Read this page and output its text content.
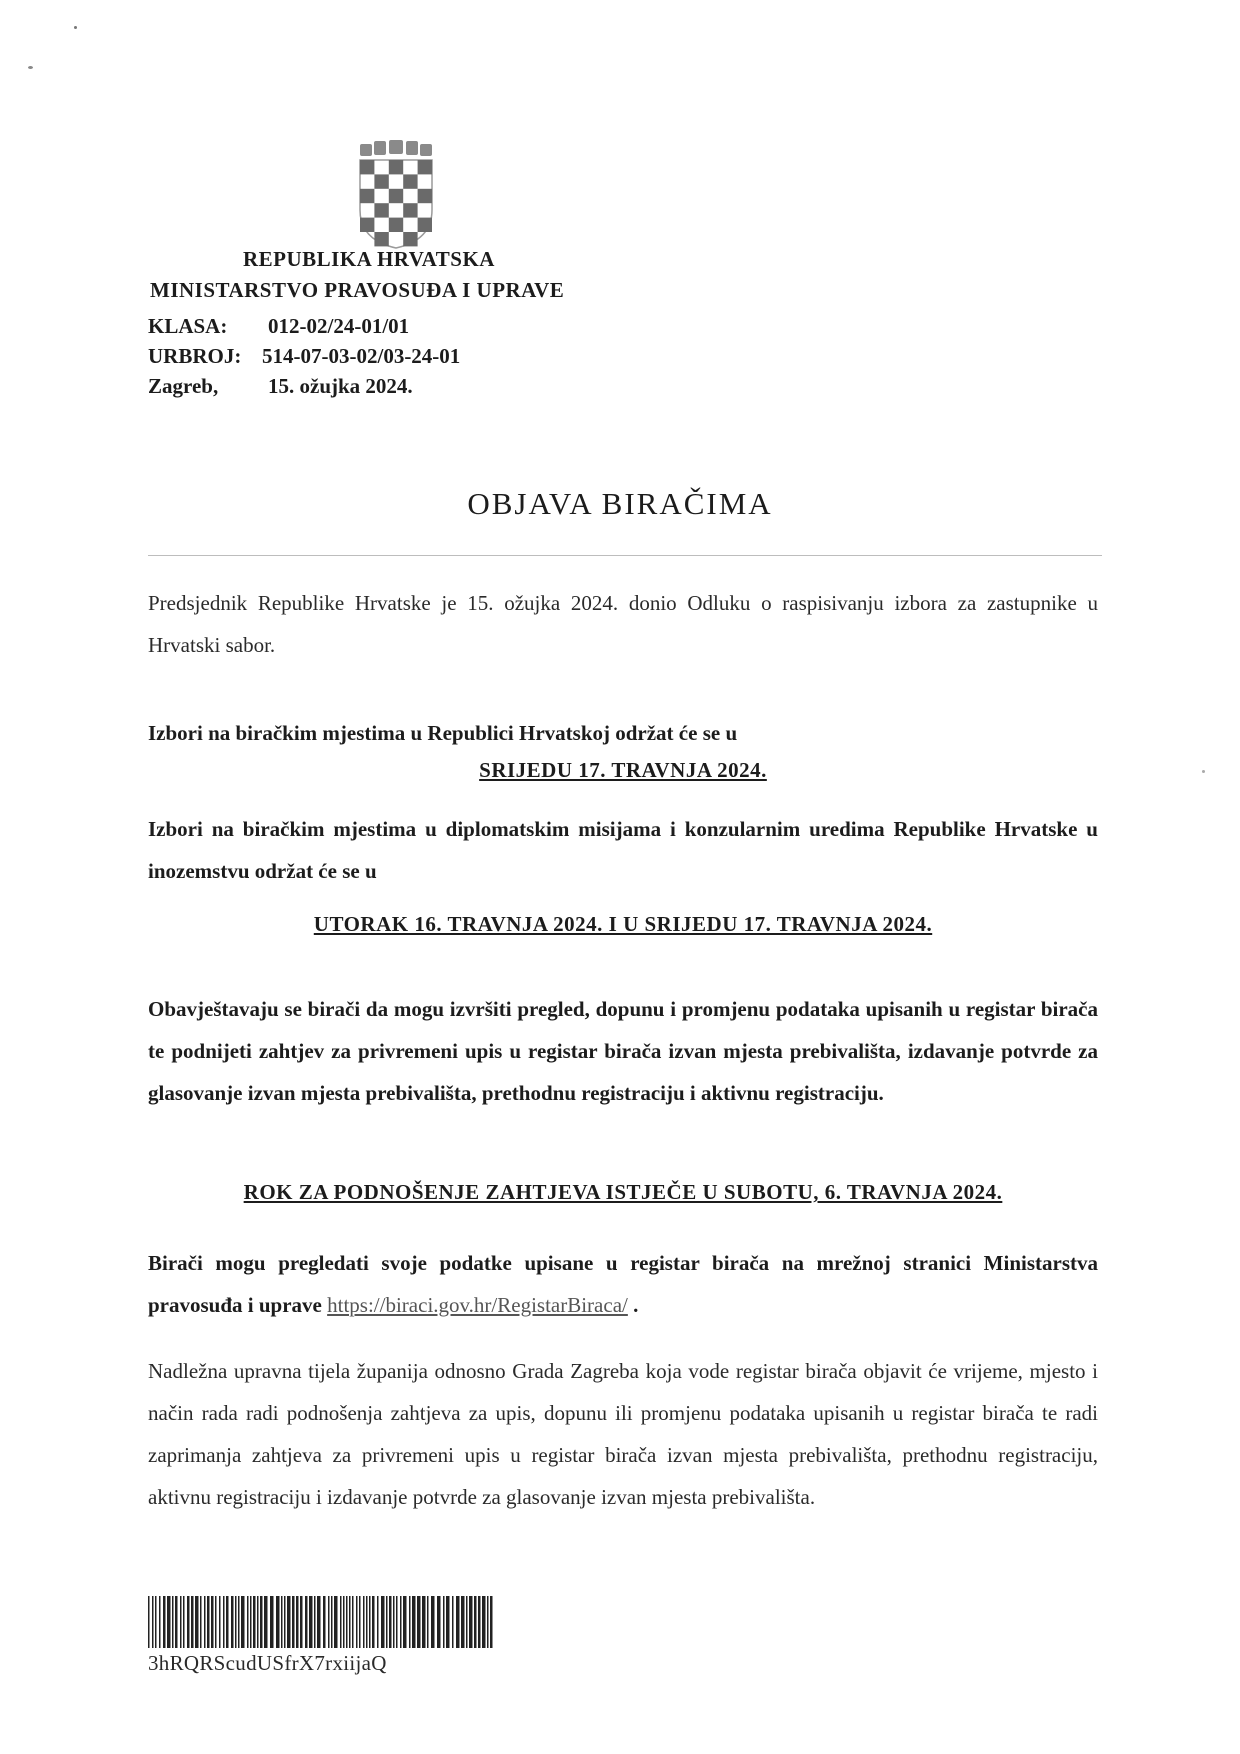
REPUBLIKA HRVATSKA
MINISTARSTVO PRAVOSUĐA I UPRAVE
KLASA: 012-02/24-01/01
URBROJ: 514-07-03-02/03-24-01
Zagreb, 15. ožujka 2024.
OBJAVA BIRAČIMA
Predsjednik Republike Hrvatske je 15. ožujka 2024. donio Odluku o raspisivanju izbora za zastupnike u Hrvatski sabor.
Izbori na biračkim mjestima u Republici Hrvatskoj održat će se u
SRIJEDU 17. TRAVNJA 2024.
Izbori na biračkim mjestima u diplomatskim misijama i konzularnim uredima Republike Hrvatske u inozemstvu održat će se u
UTORAK 16. TRAVNJA 2024. I U SRIJEDU 17. TRAVNJA 2024.
Obavještavaju se birači da mogu izvršiti pregled, dopunu i promjenu podataka upisanih u registar birača te podnijeti zahtjev za privremeni upis u registar birača izvan mjesta prebivališta, izdavanje potvrde za glasovanje izvan mjesta prebivališta, prethodnu registraciju i aktivnu registraciju.
ROK ZA PODNOŠENJE ZAHTJEVA ISTJEČE U SUBOTU, 6. TRAVNJA 2024.
Birači mogu pregledati svoje podatke upisane u registar birača na mrežnoj stranici Ministarstva pravosuđa i uprave https://biraci.gov.hr/RegistarBiraca/ .
Nadležna upravna tijela županija odnosno Grada Zagreba koja vode registar birača objavit će vrijeme, mjesto i način rada radi podnošenja zahtjeva za upis, dopunu ili promjenu podataka upisanih u registar birača te radi zaprimanja zahtjeva za privremeni upis u registar birača izvan mjesta prebivališta, prethodnu registraciju, aktivnu registraciju i izdavanje potvrde za glasovanje izvan mjesta prebivališta.
3hRQRScudUSfrX7rxiijaQ
